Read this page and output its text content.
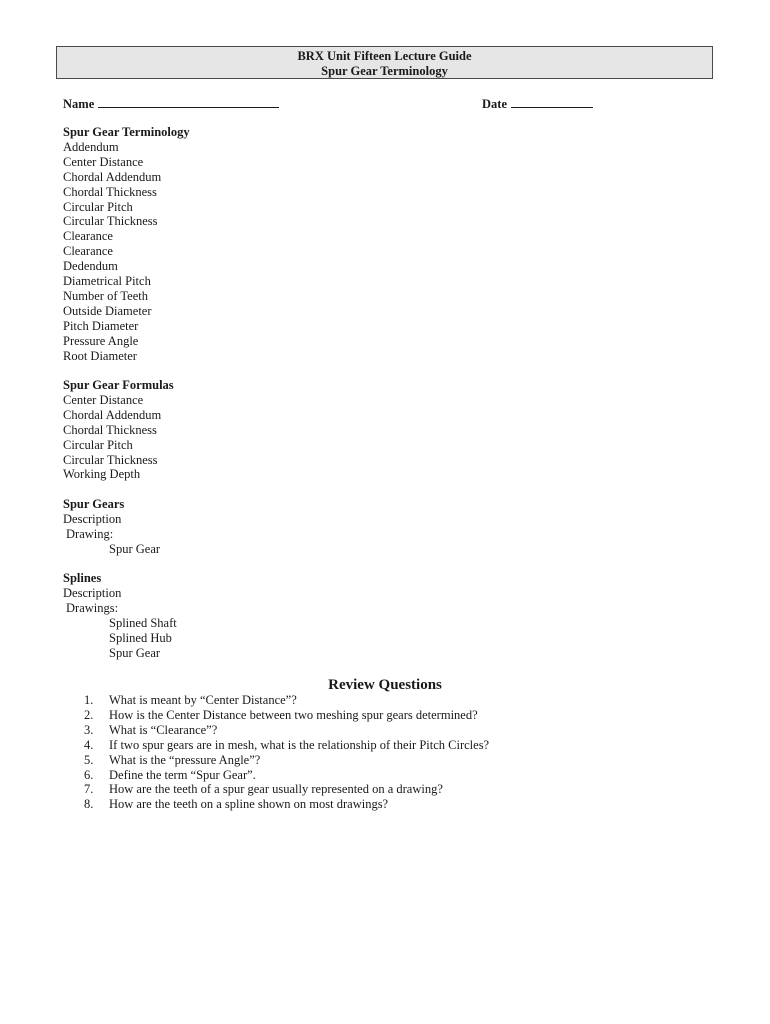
BRX Unit Fifteen Lecture Guide
Spur Gear Terminology
Name	Date
Spur Gear Terminology
Addendum
Center Distance
Chordal Addendum
Chordal Thickness
Circular Pitch
Circular Thickness
Clearance
Clearance
Dedendum
Diametrical Pitch
Number of Teeth
Outside Diameter
Pitch Diameter
Pressure Angle
Root Diameter
Spur Gear Formulas
Center Distance
Chordal Addendum
Chordal Thickness
Circular Pitch
Circular Thickness
Working Depth
Spur Gears
Description
Drawing:
Spur Gear
Splines
Description
Drawings:
Splined Shaft
Splined Hub
Spur Gear
Review Questions
1. What is meant by “Center Distance”?
2. How is the Center Distance between two meshing spur gears determined?
3. What is “Clearance”?
4. If two spur gears are in mesh, what is the relationship of their Pitch Circles?
5. What is the “pressure Angle”?
6. Define the term “Spur Gear”.
7. How are the teeth of a spur gear usually represented on a drawing?
8. How are the teeth on a spline shown on most drawings?
